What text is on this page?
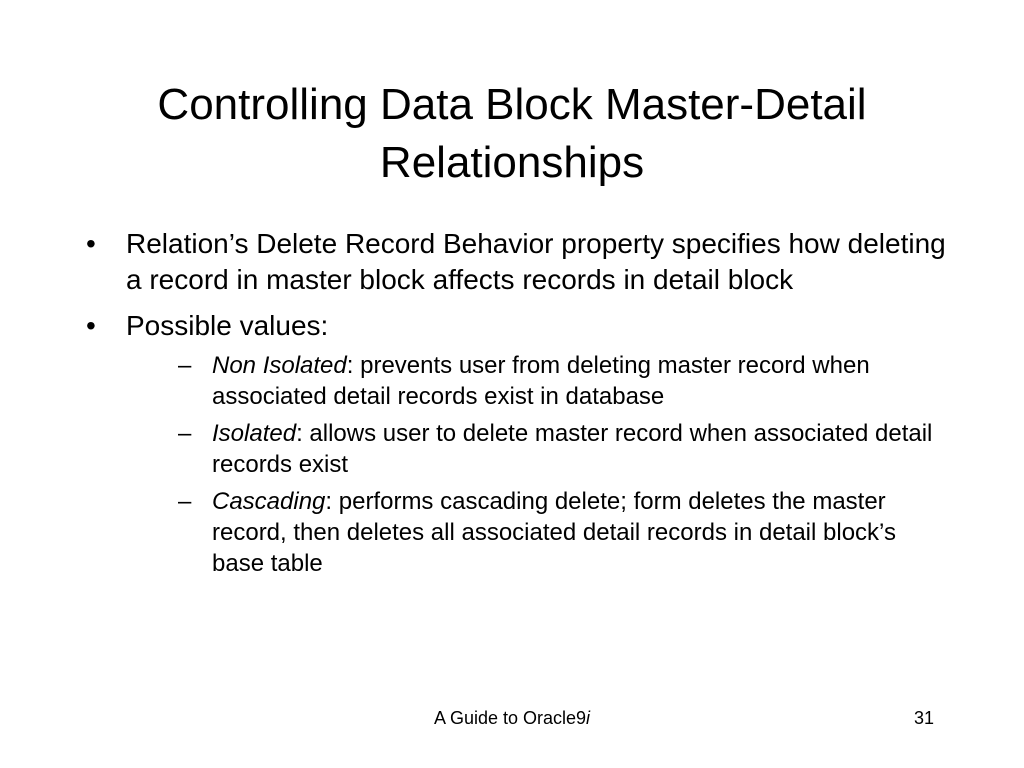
Controlling Data Block Master-Detail
Relationships
• Relation’s Delete Record Behavior property specifies how deleting a record in master block affects records in detail block
• Possible values:
– Non Isolated: prevents user from deleting master record when associated detail records exist in database
– Isolated: allows user to delete master record when associated detail records exist
– Cascading: performs cascading delete; form deletes the master record, then deletes all associated detail records in detail block’s base table
A Guide to Oracle9i	31
